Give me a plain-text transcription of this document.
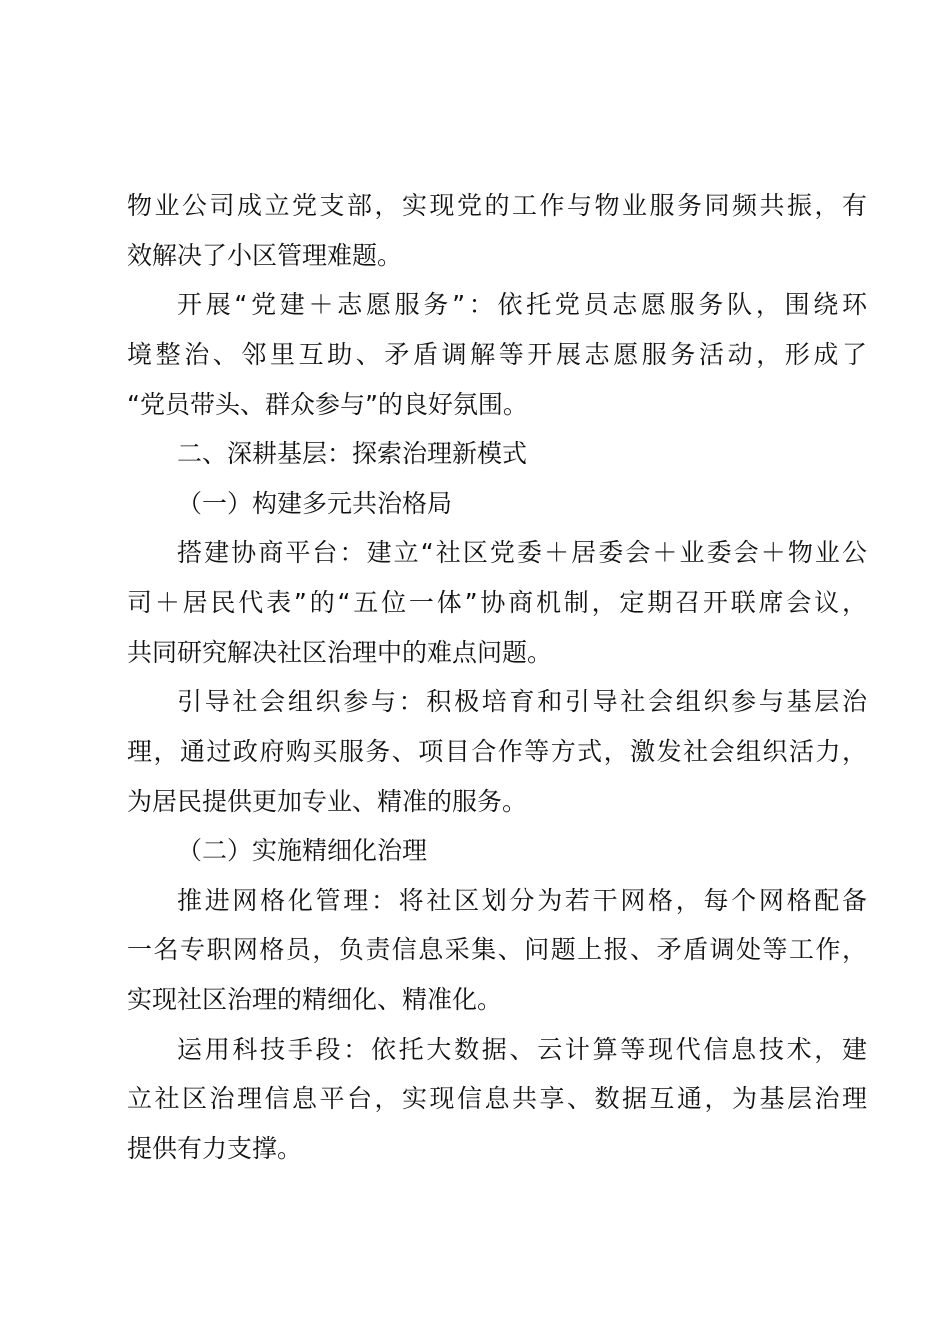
物业公司成立党支部，实现党的工作与物业服务同频共振，有
效解决了小区管理难题。
开展“党建＋志愿服务”：依托党员志愿服务队，围绕环
境整治、邻里互助、矛盾调解等开展志愿服务活动，形成了
“党员带头、群众参与”的良好氛围。
二、深耕基层：探索治理新模式
（一）构建多元共治格局
搭建协商平台：建立“社区党委＋居委会＋业委会＋物业公
司＋居民代表”的“五位一体”协商机制，定期召开联席会议，
共同研究解决社区治理中的难点问题。
引导社会组织参与：积极培育和引导社会组织参与基层治
理，通过政府购买服务、项目合作等方式，激发社会组织活力，
为居民提供更加专业、精准的服务。
（二）实施精细化治理
推进网格化管理：将社区划分为若干网格，每个网格配备
一名专职网格员，负责信息采集、问题上报、矛盾调处等工作，
实现社区治理的精细化、精准化。
运用科技手段：依托大数据、云计算等现代信息技术，建
立社区治理信息平台，实现信息共享、数据互通，为基层治理
提供有力支撑。
